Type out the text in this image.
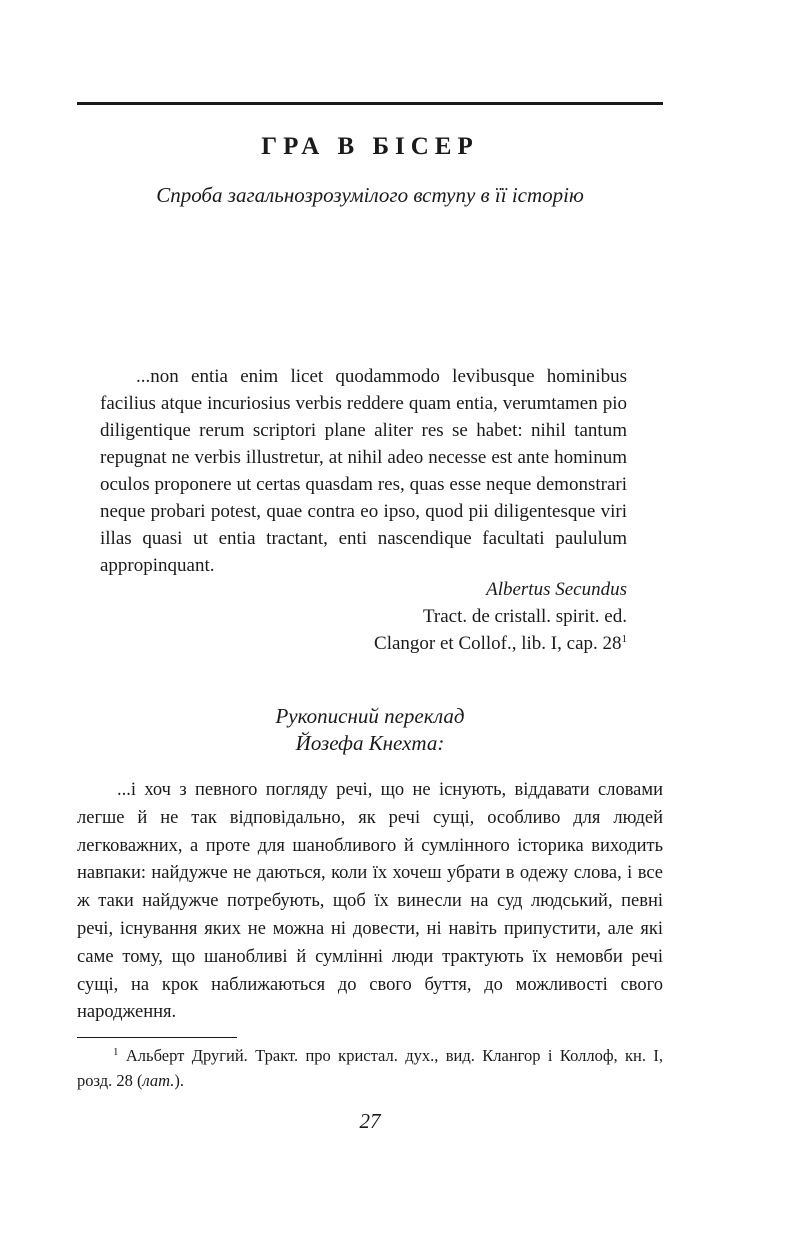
ГРА В БІСЕР
Спроба загальнозрозумілого вступу в її історію

...non entia enim licet quodammodo levibusque hominibus facilius atque incuriosius verbis reddere quam entia, verumtamen pio diligentique rerum scriptori plane aliter res se habet: nihil tantum repugnat ne verbis illustretur, at nihil adeo necesse est ante hominum oculos proponere ut certas quasdam res, quas esse neque demonstrari neque probari potest, quae contra eo ipso, quod pii diligentesque viri illas quasi ut entia tractant, enti nascendique facultati paululum appropinquant.

Albertus Secundus
Tract. de cristall. spirit. ed.
Clangor et Collof., lib. I, cap. $28^1$
Рукописний переклад
Йозефа Кнехта:

...і хоч з певного погляду речі, що не існують, віддавати словами легше й не так відповідально, як речі сущі, особливо для людей легковажних, а проте для шанобливого й сумлінного історика виходить навпаки: найдужче не даються, коли їх хочеш убрати в одежу слова, і все ж таки найдужче потребують, щоб їх винесли на суд людський, певні речі, існування яких не можна ні довести, ні навіть припустити, але які саме тому, що шанобливі й сумлінні люди трактують їх немовби речі сущі, на крок наближаються до свого буття, до можливості свого народження.

$^1$ Альберт Другий. Тракт. про кристал. дух., вид. Клангор і Коллоф, кн. І, розд. 28 (лат.).

27
